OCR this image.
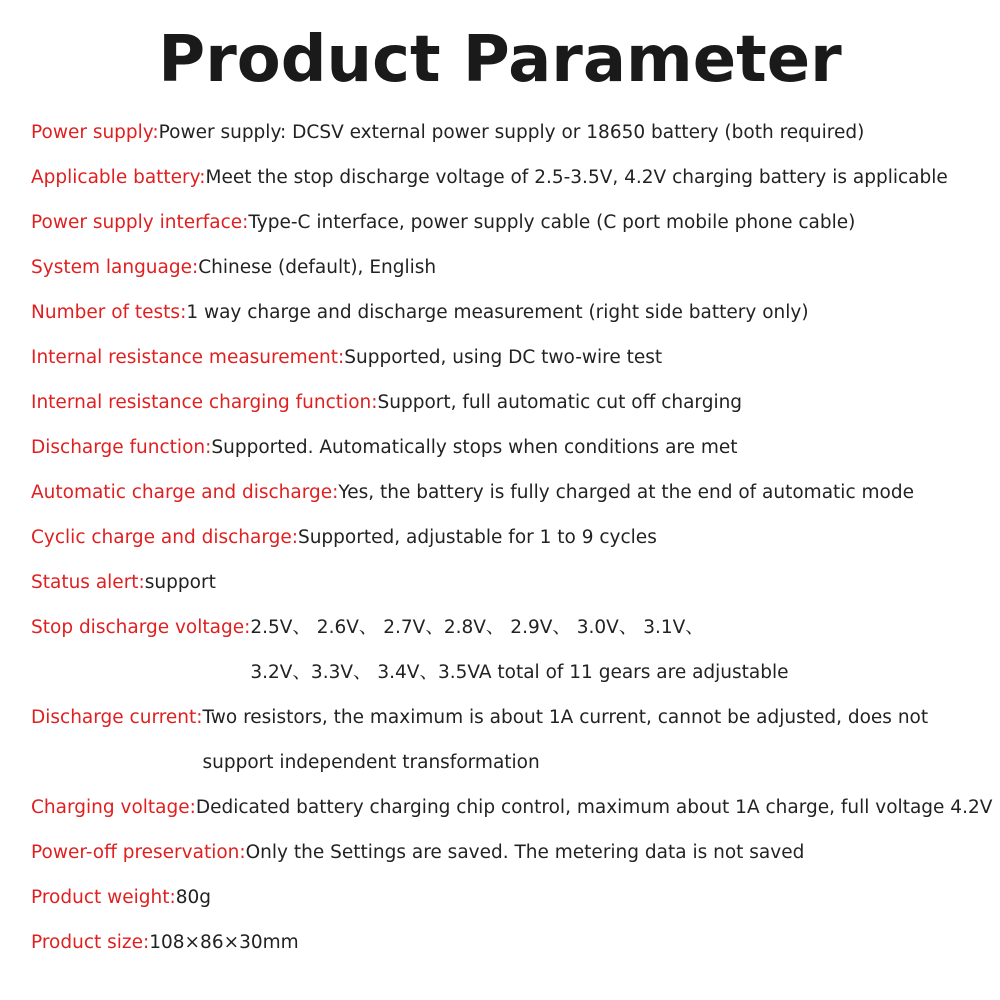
Product Parameter
Power supply: Power supply: DCSV external power supply or 18650 battery (both required)
Applicable battery: Meet the stop discharge voltage of 2.5-3.5V, 4.2V charging battery is applicable
Power supply interface: Type-C interface, power supply cable (C port mobile phone cable)
System language: Chinese (default), English
Number of tests: 1 way charge and discharge measurement (right side battery only)
Internal resistance measurement: Supported, using DC two-wire test
Internal resistance charging function: Support, full automatic cut off charging
Discharge function: Supported. Automatically stops when conditions are met
Automatic charge and discharge: Yes, the battery is fully charged at the end of automatic mode
Cyclic charge and discharge: Supported, adjustable for 1 to 9 cycles
Status alert: support
Stop discharge voltage: 2.5V、 2.6V、 2.7V、2.8V、 2.9V、 3.0V、 3.1V、
3.2V、3.3V、 3.4V、3.5VA total of 11 gears are adjustable
Discharge current: Two resistors, the maximum is about 1A current, cannot be adjusted, does not
support independent transformation
Charging voltage: Dedicated battery charging chip control, maximum about 1A charge, full voltage 4.2V
Power-off preservation: Only the Settings are saved. The metering data is not saved
Product weight: 80g
Product size: 108×86×30mm
